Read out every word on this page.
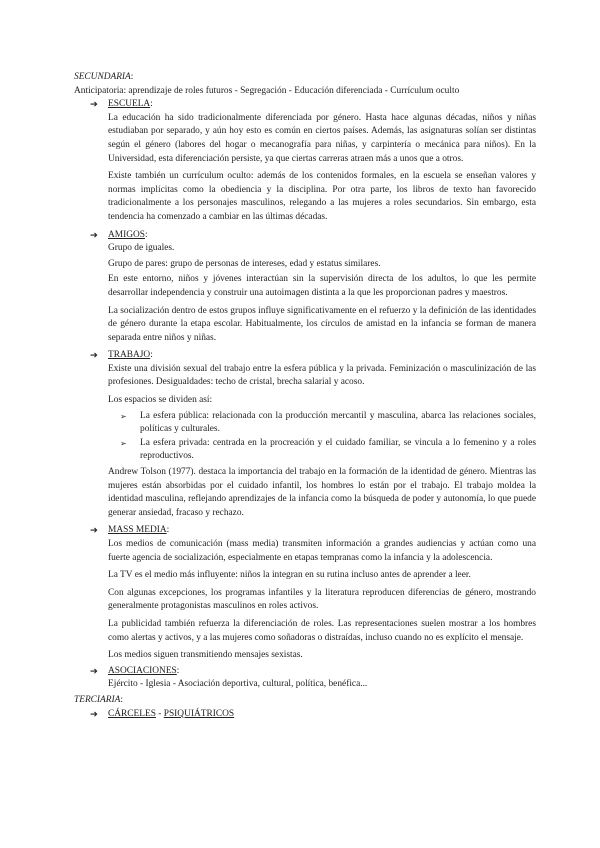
SECUNDARIA:

Anticipatoria: aprendizaje de roles futuros - Segregación - Educación diferenciada - Currículum oculto

➔	ESCUELA:

La educación ha sido tradicionalmente diferenciada por género. Hasta hace algunas décadas, niños y niñas estudiaban por separado, y aún hoy esto es común en ciertos países. Además, las asignaturas solían ser distintas según el género (labores del hogar o mecanografía para niñas, y carpintería o mecánica para niños). En la Universidad, esta diferenciación persiste, ya que ciertas carreras atraen más a unos que a otros.

Existe también un currículum oculto: además de los contenidos formales, en la escuela se enseñan valores y normas implícitas como la obediencia y la disciplina. Por otra parte, los libros de texto han favorecido tradicionalmente a los personajes masculinos, relegando a las mujeres a roles secundarios. Sin embargo, esta tendencia ha comenzado a cambiar en las últimas décadas.

➔	AMIGOS:

Grupo de iguales.

Grupo de pares: grupo de personas de intereses, edad y estatus similares.

En este entorno, niños y jóvenes interactúan sin la supervisión directa de los adultos, lo que les permite desarrollar independencia y construir una autoimagen distinta a la que les proporcionan padres y maestros.

La socialización dentro de estos grupos influye significativamente en el refuerzo y la definición de las identidades de género durante la etapa escolar. Habitualmente, los círculos de amistad en la infancia se forman de manera separada entre niños y niñas.

➔	TRABAJO:

Existe una división sexual del trabajo entre la esfera pública y la privada. Feminización o masculinización de las profesiones. Desigualdades: techo de cristal, brecha salarial y acoso.

Los espacios se dividen así:

➢ La esfera pública: relacionada con la producción mercantil y masculina, abarca las relaciones sociales, políticas y culturales.
➢ La esfera privada: centrada en la procreación y el cuidado familiar, se vincula a lo femenino y a roles reproductivos.

Andrew Tolson (1977). destaca la importancia del trabajo en la formación de la identidad de género. Mientras las mujeres están absorbidas por el cuidado infantil, los hombres lo están por el trabajo. El trabajo moldea la identidad masculina, reflejando aprendizajes de la infancia como la búsqueda de poder y autonomía, lo que puede generar ansiedad, fracaso y rechazo.

➔	MASS MEDIA:

Los medios de comunicación (mass media) transmiten información a grandes audiencias y actúan como una fuerte agencia de socialización, especialmente en etapas tempranas como la infancia y la adolescencia.

La TV es el medio más influyente: niños la integran en su rutina incluso antes de aprender a leer.

Con algunas excepciones, los programas infantiles y la literatura reproducen diferencias de género, mostrando generalmente protagonistas masculinos en roles activos.

La publicidad también refuerza la diferenciación de roles. Las representaciones suelen mostrar a los hombres como alertas y activos, y a las mujeres como soñadoras o distraídas, incluso cuando no es explícito el mensaje.

Los medios siguen transmitiendo mensajes sexistas.

➔	ASOCIACIONES:

Ejército - Iglesia - Asociación deportiva, cultural, política, benéfica...

TERCIARIA:
➔	CÁRCELES - PSIQUIÁTRICOS
